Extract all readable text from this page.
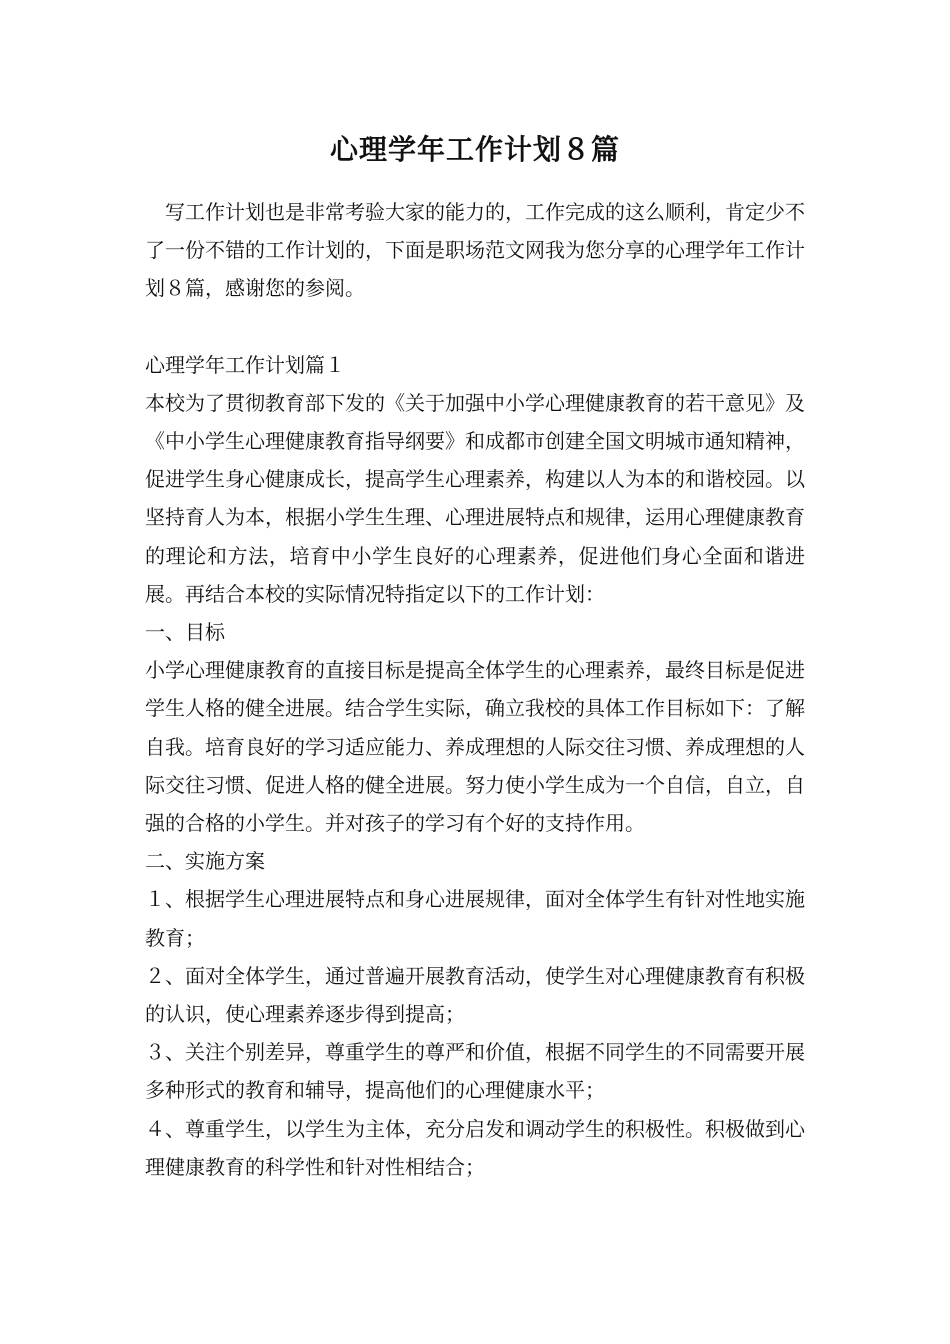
心理学年工作计划８篇

写工作计划也是非常考验大家的能力的，工作完成的这么顺利，肯定少不了一份不错的工作计划的，下面是职场范文网我为您分享的心理学年工作计划８篇，感谢您的参阅。

心理学年工作计划篇１

本校为了贯彻教育部下发的《关于加强中小学心理健康教育的若干意见》及《中小学生心理健康教育指导纲要》和成都市创建全国文明城市通知精神，促进学生身心健康成长，提高学生心理素养，构建以人为本的和谐校园。以坚持育人为本，根据小学生生理、心理进展特点和规律，运用心理健康教育的理论和方法，培育中小学生良好的心理素养，促进他们身心全面和谐进展。再结合本校的实际情况特指定以下的工作计划：

一、目标

小学心理健康教育的直接目标是提高全体学生的心理素养，最终目标是促进学生人格的健全进展。结合学生实际，确立我校的具体工作目标如下：了解自我。培育良好的学习适应能力、养成理想的人际交往习惯、养成理想的人际交往习惯、促进人格的健全进展。努力使小学生成为一个自信，自立，自强的合格的小学生。并对孩子的学习有个好的支持作用。

二、实施方案

１、根据学生心理进展特点和身心进展规律，面对全体学生有针对性地实施教育；

２、面对全体学生，通过普遍开展教育活动，使学生对心理健康教育有积极的认识，使心理素养逐步得到提高；

３、关注个别差异，尊重学生的尊严和价值，根据不同学生的不同需要开展多种形式的教育和辅导，提高他们的心理健康水平；

４、尊重学生，以学生为主体，充分启发和调动学生的积极性。积极做到心理健康教育的科学性和针对性相结合；
